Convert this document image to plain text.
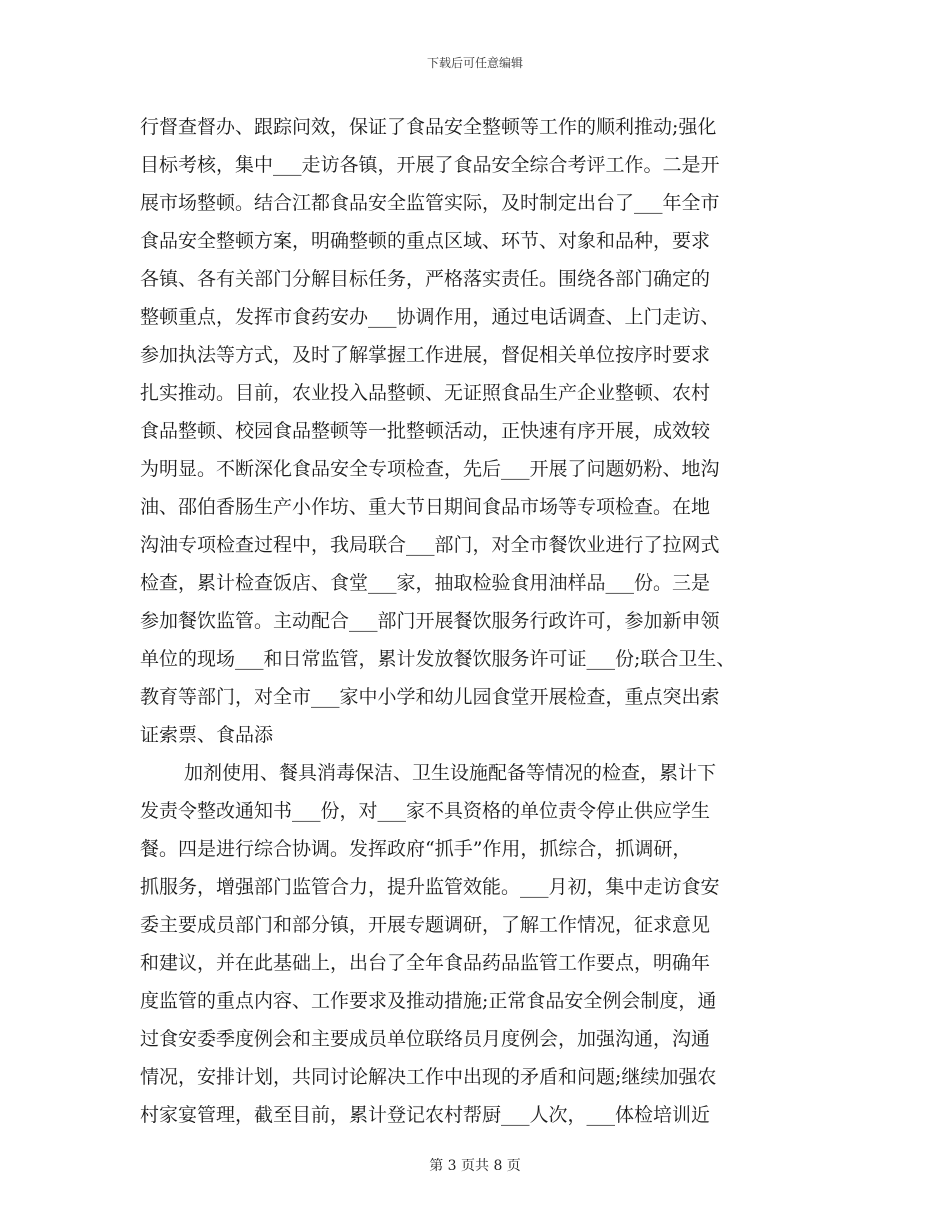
下载后可任意编辑
行督查督办、跟踪问效，保证了食品安全整顿等工作的顺利推动;强化
目标考核，集中___走访各镇，开展了食品安全综合考评工作。二是开
展市场整顿。结合江都食品安全监管实际，及时制定出台了___年全市
食品安全整顿方案，明确整顿的重点区域、环节、对象和品种，要求
各镇、各有关部门分解目标任务，严格落实责任。围绕各部门确定的
整顿重点，发挥市食药安办___协调作用，通过电话调查、上门走访、
参加执法等方式，及时了解掌握工作进展，督促相关单位按序时要求
扎实推动。目前，农业投入品整顿、无证照食品生产企业整顿、农村
食品整顿、校园食品整顿等一批整顿活动，正快速有序开展，成效较
为明显。不断深化食品安全专项检查，先后___开展了问题奶粉、地沟
油、邵伯香肠生产小作坊、重大节日期间食品市场等专项检查。在地
沟油专项检查过程中，我局联合___部门，对全市餐饮业进行了拉网式
检查，累计检查饭店、食堂___家，抽取检验食用油样品___份。三是
参加餐饮监管。主动配合___部门开展餐饮服务行政许可，参加新申领
单位的现场___和日常监管，累计发放餐饮服务许可证___份;联合卫生、
教育等部门，对全市___家中小学和幼儿园食堂开展检查，重点突出索
证索票、食品添
加剂使用、餐具消毒保洁、卫生设施配备等情况的检查，累计下
发责令整改通知书___份，对___家不具资格的单位责令停止供应学生
餐。四是进行综合协调。发挥政府“抓手”作用，抓综合，抓调研，
抓服务，增强部门监管合力，提升监管效能。___月初，集中走访食安
委主要成员部门和部分镇，开展专题调研，了解工作情况，征求意见
和建议，并在此基础上，出台了全年食品药品监管工作要点，明确年
度监管的重点内容、工作要求及推动措施;正常食品安全例会制度，通
过食安委季度例会和主要成员单位联络员月度例会，加强沟通，沟通
情况，安排计划，共同讨论解决工作中出现的矛盾和问题;继续加强农
村家宴管理，截至目前，累计登记农村帮厨___人次，___体检培训近
第 3 页共 8 页
